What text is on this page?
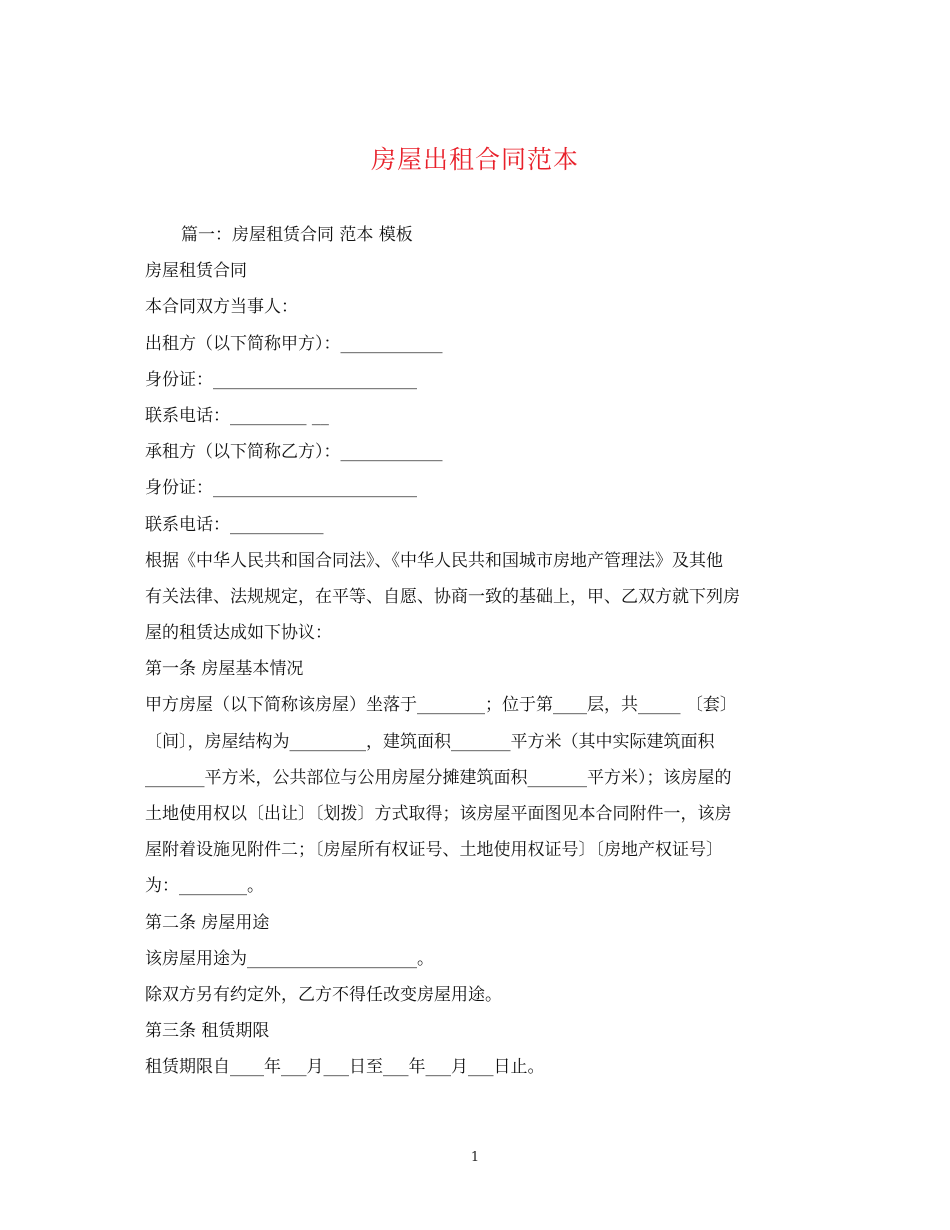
房屋出租合同范本

篇一：房屋租赁合同 范本 模板

房屋租赁合同

本合同双方当事人：

出租方（以下简称甲方）：____________

身份证：________________________

联系电话：_________ __

承租方（以下简称乙方）：____________

身份证：________________________

联系电话：___________

根据《中华人民共和国合同法》、《中华人民共和国城市房地产管理法》及其他

有关法律、法规规定，在平等、自愿、协商一致的基础上，甲、乙双方就下列房

屋的租赁达成如下协议：

第一条 房屋基本情况

甲方房屋（以下简称该房屋）坐落于________；位于第____层，共_____ 〔套〕

〔间〕，房屋结构为_________，建筑面积_______平方米（其中实际建筑面积

_______平方米，公共部位与公用房屋分摊建筑面积_______平方米）；该房屋的

土地使用权以〔出让〕〔划拨〕方式取得；该房屋平面图见本合同附件一，该房

屋附着设施见附件二；〔房屋所有权证号、土地使用权证号〕〔房地产权证号〕

为：________。

第二条 房屋用途

该房屋用途为____________________。

除双方另有约定外，乙方不得任改变房屋用途。

第三条 租赁期限

租赁期限自____年___月___日至___年___月___日止。

1
